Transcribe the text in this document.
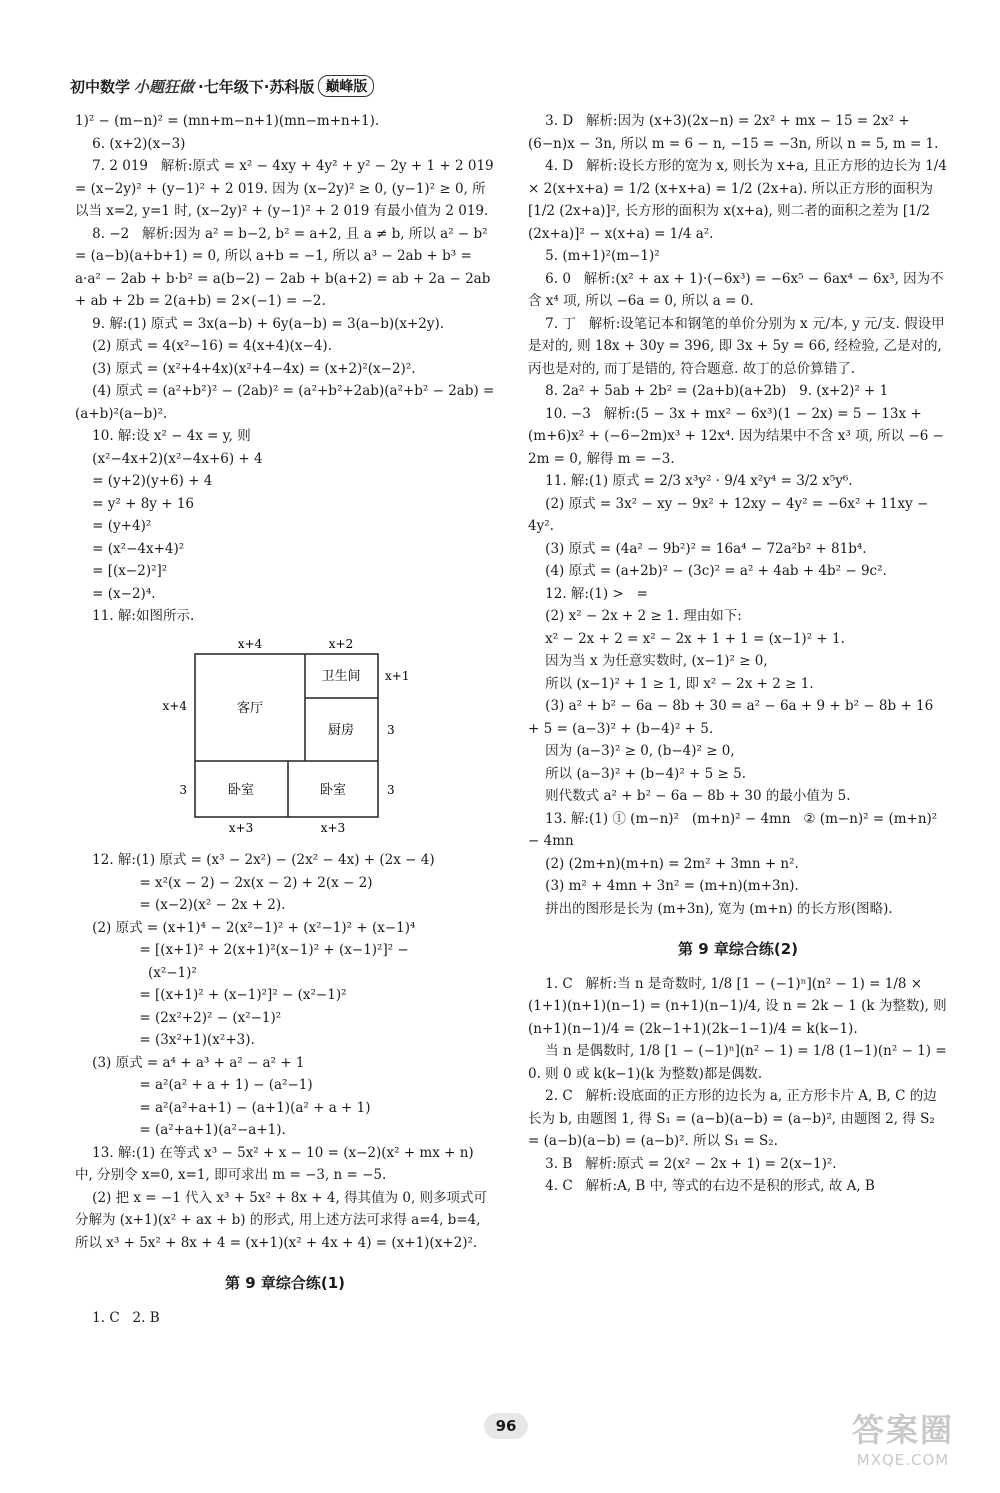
初中数学 小题狂做 ·七年级下·苏科版 巅峰版

1)² − (m−n)² = (mn+m−n+1)(mn−m+n+1).

6. (x+2)(x−3)

7. 2 019   解析:原式 = x² − 4xy + 4y² + y² − 2y + 1 + 2 019 = (x−2y)² + (y−1)² + 2 019. 因为 (x−2y)² ≥ 0, (y−1)² ≥ 0, 所以当 x=2, y=1 时, (x−2y)² + (y−1)² + 2 019 有最小值为 2 019.

8. −2   解析:因为 a² = b−2, b² = a+2, 且 a ≠ b, 所以 a² − b² = (a−b)(a+b+1) = 0, 所以 a+b = −1, 所以 a³ − 2ab + b³ = a·a² − 2ab + b·b² = a(b−2) − 2ab + b(a+2) = ab + 2a − 2ab + ab + 2b = 2(a+b) = 2×(−1) = −2.

9. 解:(1) 原式 = 3x(a−b) + 6y(a−b) = 3(a−b)(x+2y).

(2) 原式 = 4(x²−16) = 4(x+4)(x−4).

(3) 原式 = (x²+4+4x)(x²+4−4x) = (x+2)²(x−2)².

(4) 原式 = (a²+b²)² − (2ab)² = (a²+b²+2ab)(a²+b² − 2ab) = (a+b)²(a−b)².

10. 解:设 x² − 4x = y, 则

(x²−4x+2)(x²−4x+6) + 4

= (y+2)(y+6) + 4

= y² + 8y + 16

= (y+4)²

= (x²−4x+4)²

= [(x−2)²]²

= (x−2)⁴.

11. 解:如图所示.

x+4	x+2
x+4
x+1
3
3	3
x+3	x+3
客厅
卫生间
厨房
卧室	卧室

12. 解:(1) 原式 = (x³ − 2x²) − (2x² − 4x) + (2x − 4)

= x²(x − 2) − 2x(x − 2) + 2(x − 2)

= (x−2)(x² − 2x + 2).

(2) 原式 = (x+1)⁴ − 2(x²−1)² + (x²−1)² + (x−1)⁴

= [(x+1)² + 2(x+1)²(x−1)² + (x−1)²]² −

(x²−1)²

= [(x+1)² + (x−1)²]² − (x²−1)²

= (2x²+2)² − (x²−1)²

= (3x²+1)(x²+3).

(3) 原式 = a⁴ + a³ + a² − a² + 1

= a²(a² + a + 1) − (a²−1)

= a²(a²+a+1) − (a+1)(a² + a + 1)

= (a²+a+1)(a²−a+1).

13. 解:(1) 在等式 x³ − 5x² + x − 10 = (x−2)(x² + mx + n) 中, 分别令 x=0, x=1, 即可求出 m = −3, n = −5.

(2) 把 x = −1 代入 x³ + 5x² + 8x + 4, 得其值为 0, 则多项式可分解为 (x+1)(x² + ax + b) 的形式, 用上述方法可求得 a=4, b=4, 所以 x³ + 5x² + 8x + 4 = (x+1)(x² + 4x + 4) = (x+1)(x+2)².

第 9 章综合练(1)

1. C   2. B

3. D   解析:因为 (x+3)(2x−n) = 2x² + mx − 15 = 2x² + (6−n)x − 3n, 所以 m = 6 − n, −15 = −3n, 所以 n = 5, m = 1.

4. D   解析:设长方形的宽为 x, 则长为 x+a, 且正方形的边长为 1/4 × 2(x+x+a) = 1/2 (x+x+a) = 1/2 (2x+a). 所以正方形的面积为 [1/2 (2x+a)]², 长方形的面积为 x(x+a), 则二者的面积之差为 [1/2 (2x+a)]² − x(x+a) = 1/4 a².

5. (m+1)²(m−1)²

6. 0   解析:(x² + ax + 1)·(−6x³) = −6x⁵ − 6ax⁴ − 6x³, 因为不含 x⁴ 项, 所以 −6a = 0, 所以 a = 0.

7. 丁   解析:设笔记本和钢笔的单价分别为 x 元/本, y 元/支. 假设甲是对的, 则 18x + 30y = 396, 即 3x + 5y = 66, 经检验, 乙是对的, 丙也是对的, 而丁是错的, 符合题意. 故丁的总价算错了.

8. 2a² + 5ab + 2b² = (2a+b)(a+2b)   9. (x+2)² + 1

10. −3   解析:(5 − 3x + mx² − 6x³)(1 − 2x) = 5 − 13x + (m+6)x² + (−6−2m)x³ + 12x⁴. 因为结果中不含 x³ 项, 所以 −6 − 2m = 0, 解得 m = −3.

11. 解:(1) 原式 = 2/3 x³y² · 9/4 x²y⁴ = 3/2 x⁵y⁶.

(2) 原式 = 3x² − xy − 9x² + 12xy − 4y² = −6x² + 11xy − 4y².

(3) 原式 = (4a² − 9b²)² = 16a⁴ − 72a²b² + 81b⁴.

(4) 原式 = (a+2b)² − (3c)² = a² + 4ab + 4b² − 9c².

12. 解:(1) >   =

(2) x² − 2x + 2 ≥ 1. 理由如下:

x² − 2x + 2 = x² − 2x + 1 + 1 = (x−1)² + 1.

因为当 x 为任意实数时, (x−1)² ≥ 0,

所以 (x−1)² + 1 ≥ 1, 即 x² − 2x + 2 ≥ 1.

(3) a² + b² − 6a − 8b + 30 = a² − 6a + 9 + b² − 8b + 16 + 5 = (a−3)² + (b−4)² + 5.

因为 (a−3)² ≥ 0, (b−4)² ≥ 0,

所以 (a−3)² + (b−4)² + 5 ≥ 5.

则代数式 a² + b² − 6a − 8b + 30 的最小值为 5.

13. 解:(1) ① (m−n)²   (m+n)² − 4mn   ② (m−n)² = (m+n)² − 4mn

(2) (2m+n)(m+n) = 2m² + 3mn + n².

(3) m² + 4mn + 3n² = (m+n)(m+3n).

拼出的图形是长为 (m+3n), 宽为 (m+n) 的长方形(图略).

第 9 章综合练(2)

1. C   解析:当 n 是奇数时, 1/8 [1 − (−1)ⁿ](n² − 1) = 1/8 × (1+1)(n+1)(n−1) = (n+1)(n−1)/4, 设 n = 2k − 1 (k 为整数), 则 (n+1)(n−1)/4 = (2k−1+1)(2k−1−1)/4 = k(k−1).

当 n 是偶数时, 1/8 [1 − (−1)ⁿ](n² − 1) = 1/8 (1−1)(n² − 1) = 0. 则 0 或 k(k−1)(k 为整数)都是偶数.

2. C   解析:设底面的正方形的边长为 a, 正方形卡片 A, B, C 的边长为 b, 由题图 1, 得 S₁ = (a−b)(a−b) = (a−b)², 由题图 2, 得 S₂ = (a−b)(a−b) = (a−b)². 所以 S₁ = S₂.

3. B   解析:原式 = 2(x² − 2x + 1) = 2(x−1)².

4. C   解析:A, B 中, 等式的右边不是积的形式, 故 A, B

96	答案圈
MXQE.COM
